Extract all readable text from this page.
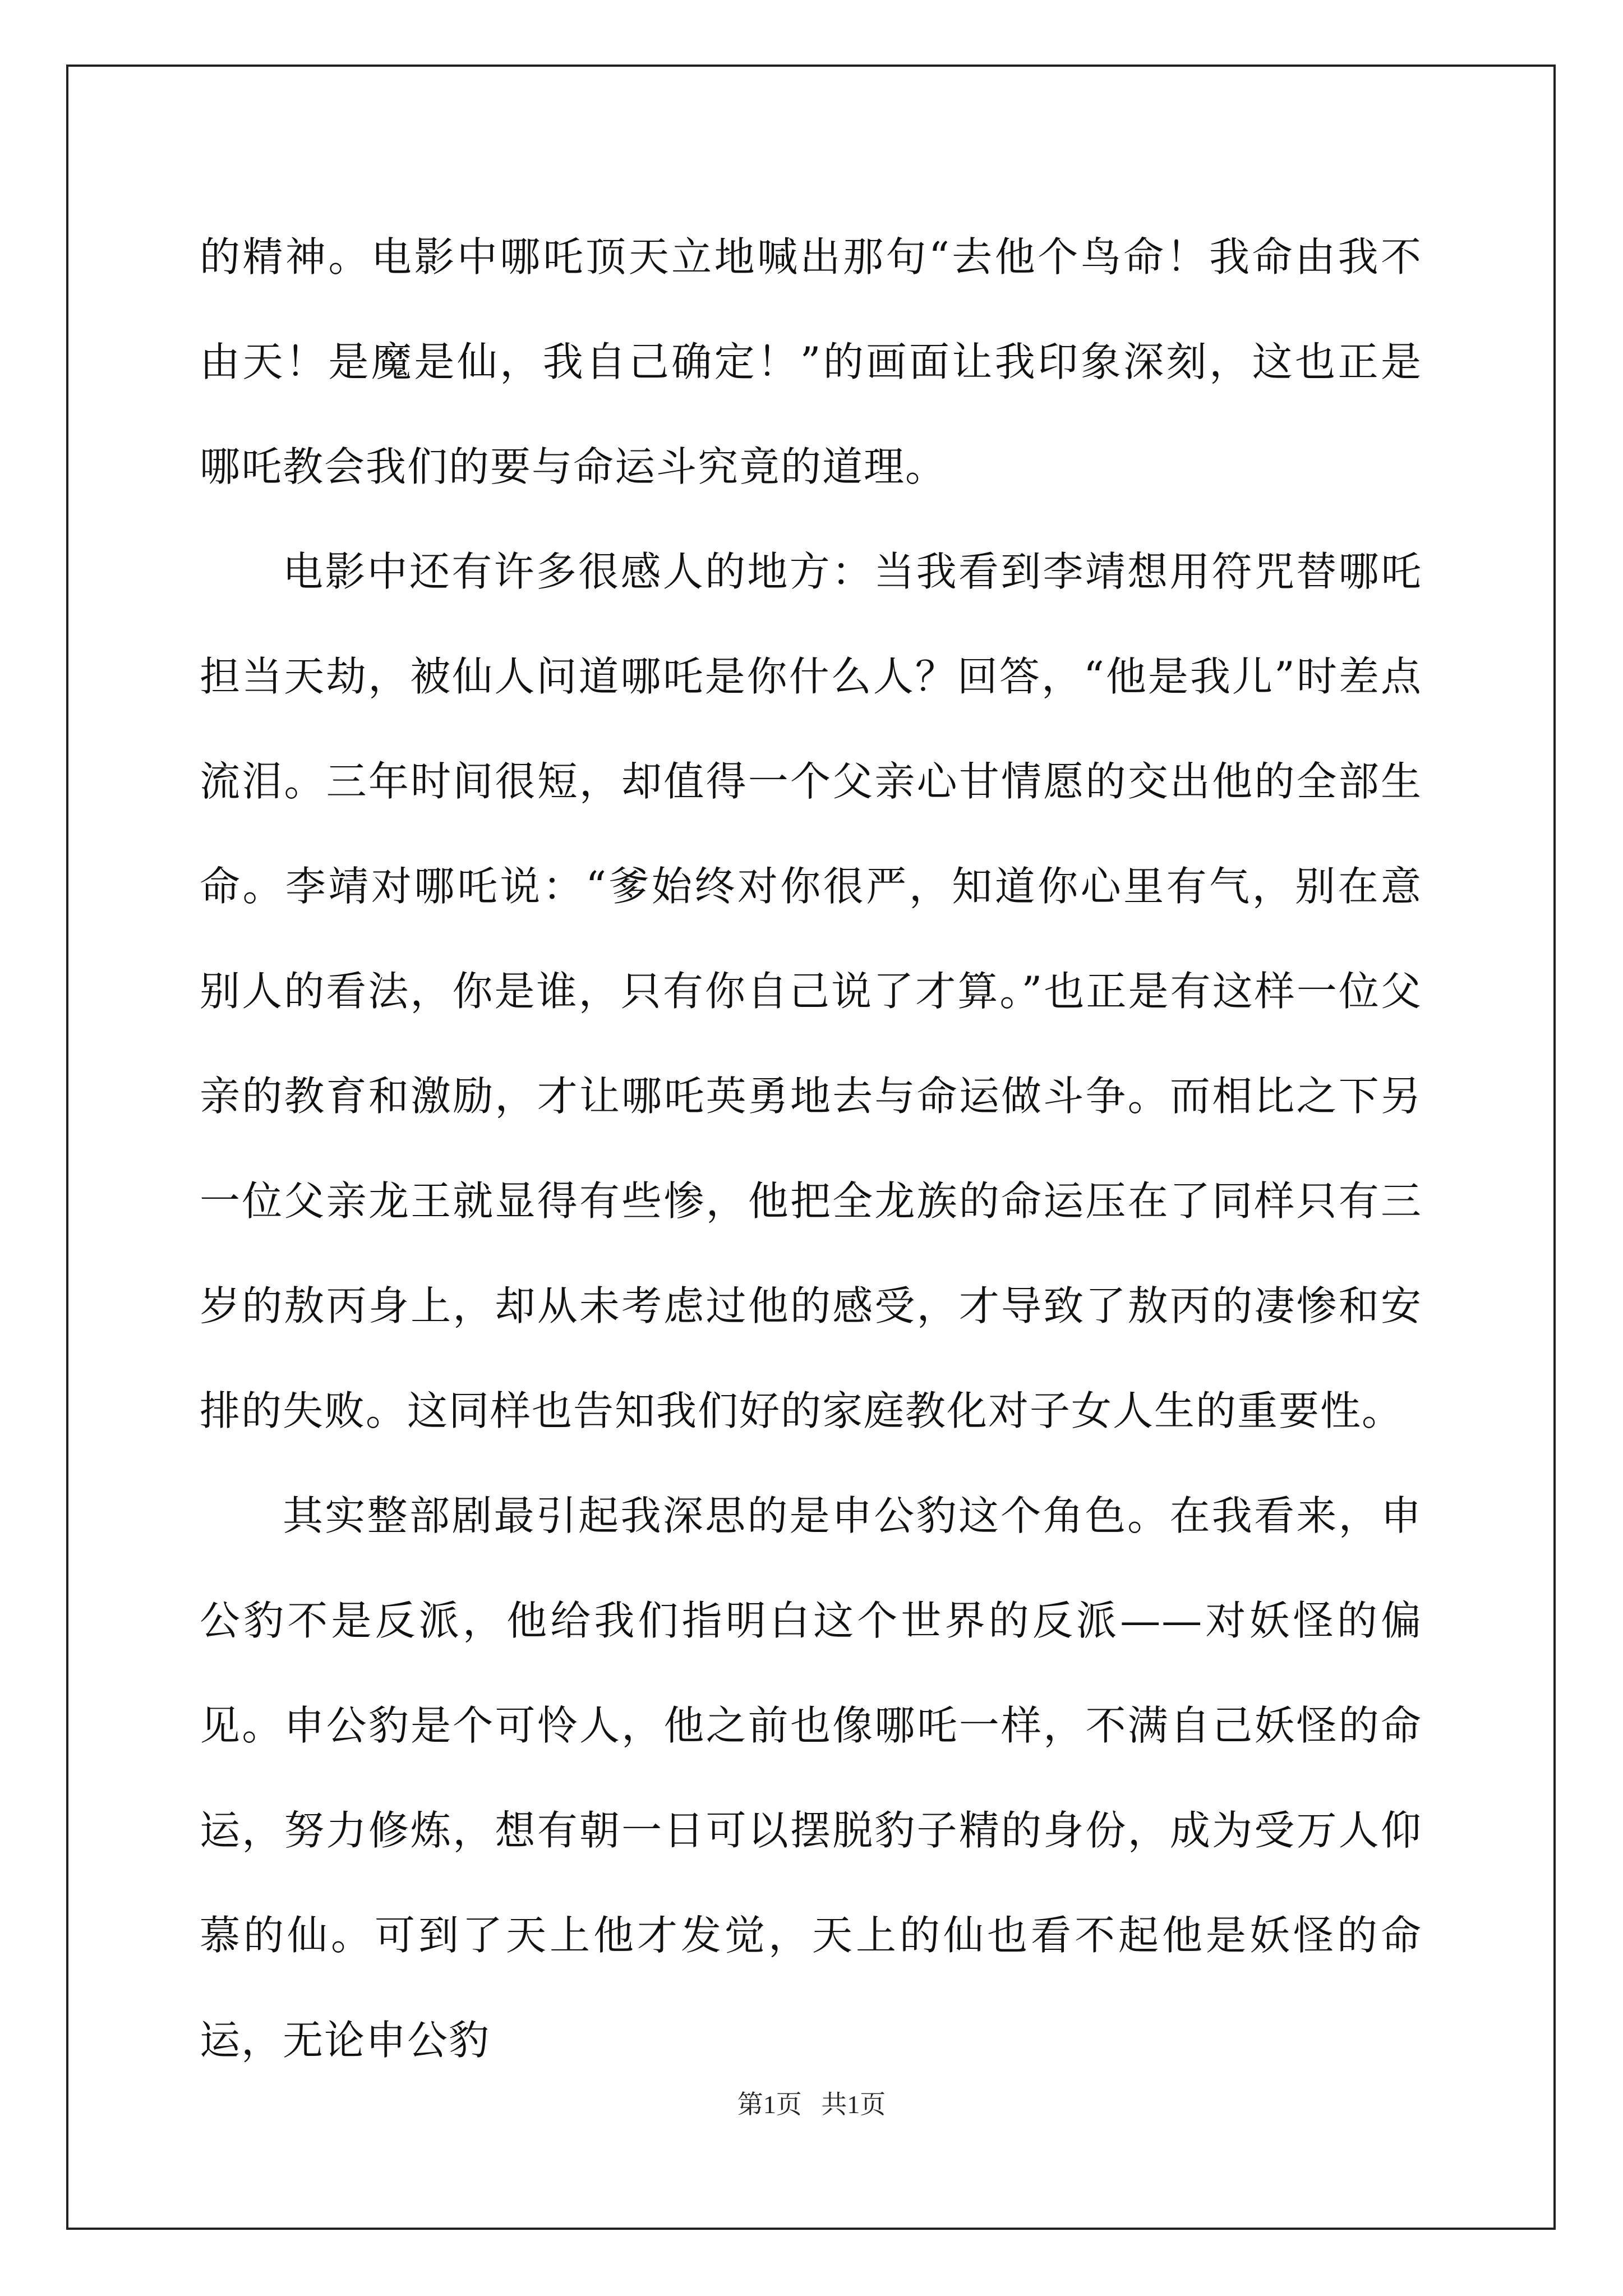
的精神。电影中哪吒顶天立地喊出那句“去他个鸟命！我命由我不由天！是魔是仙，我自己确定！”的画面让我印象深刻，这也正是哪吒教会我们的要与命运斗究竟的道理。

电影中还有许多很感人的地方：当我看到李靖想用符咒替哪吒担当天劫，被仙人问道哪吒是你什么人？回答，“他是我儿”时差点流泪。三年时间很短，却值得一个父亲心甘情愿的交出他的全部生命。李靖对哪吒说：“爹始终对你很严，知道你心里有气，别在意别人的看法，你是谁，只有你自己说了才算。”也正是有这样一位父亲的教育和激励，才让哪吒英勇地去与命运做斗争。而相比之下另一位父亲龙王就显得有些惨，他把全龙族的命运压在了同样只有三岁的敖丙身上，却从未考虑过他的感受，才导致了敖丙的凄惨和安排的失败。这同样也告知我们好的家庭教化对子女人生的重要性。

其实整部剧最引起我深思的是申公豹这个角色。在我看来，申公豹不是反派，他给我们指明白这个世界的反派——对妖怪的偏见。申公豹是个可怜人，他之前也像哪吒一样，不满自己妖怪的命运，努力修炼，想有朝一日可以摆脱豹子精的身份，成为受万人仰慕的仙。可到了天上他才发觉，天上的仙也看不起他是妖怪的命运，无论申公豹

第1页   共1页
